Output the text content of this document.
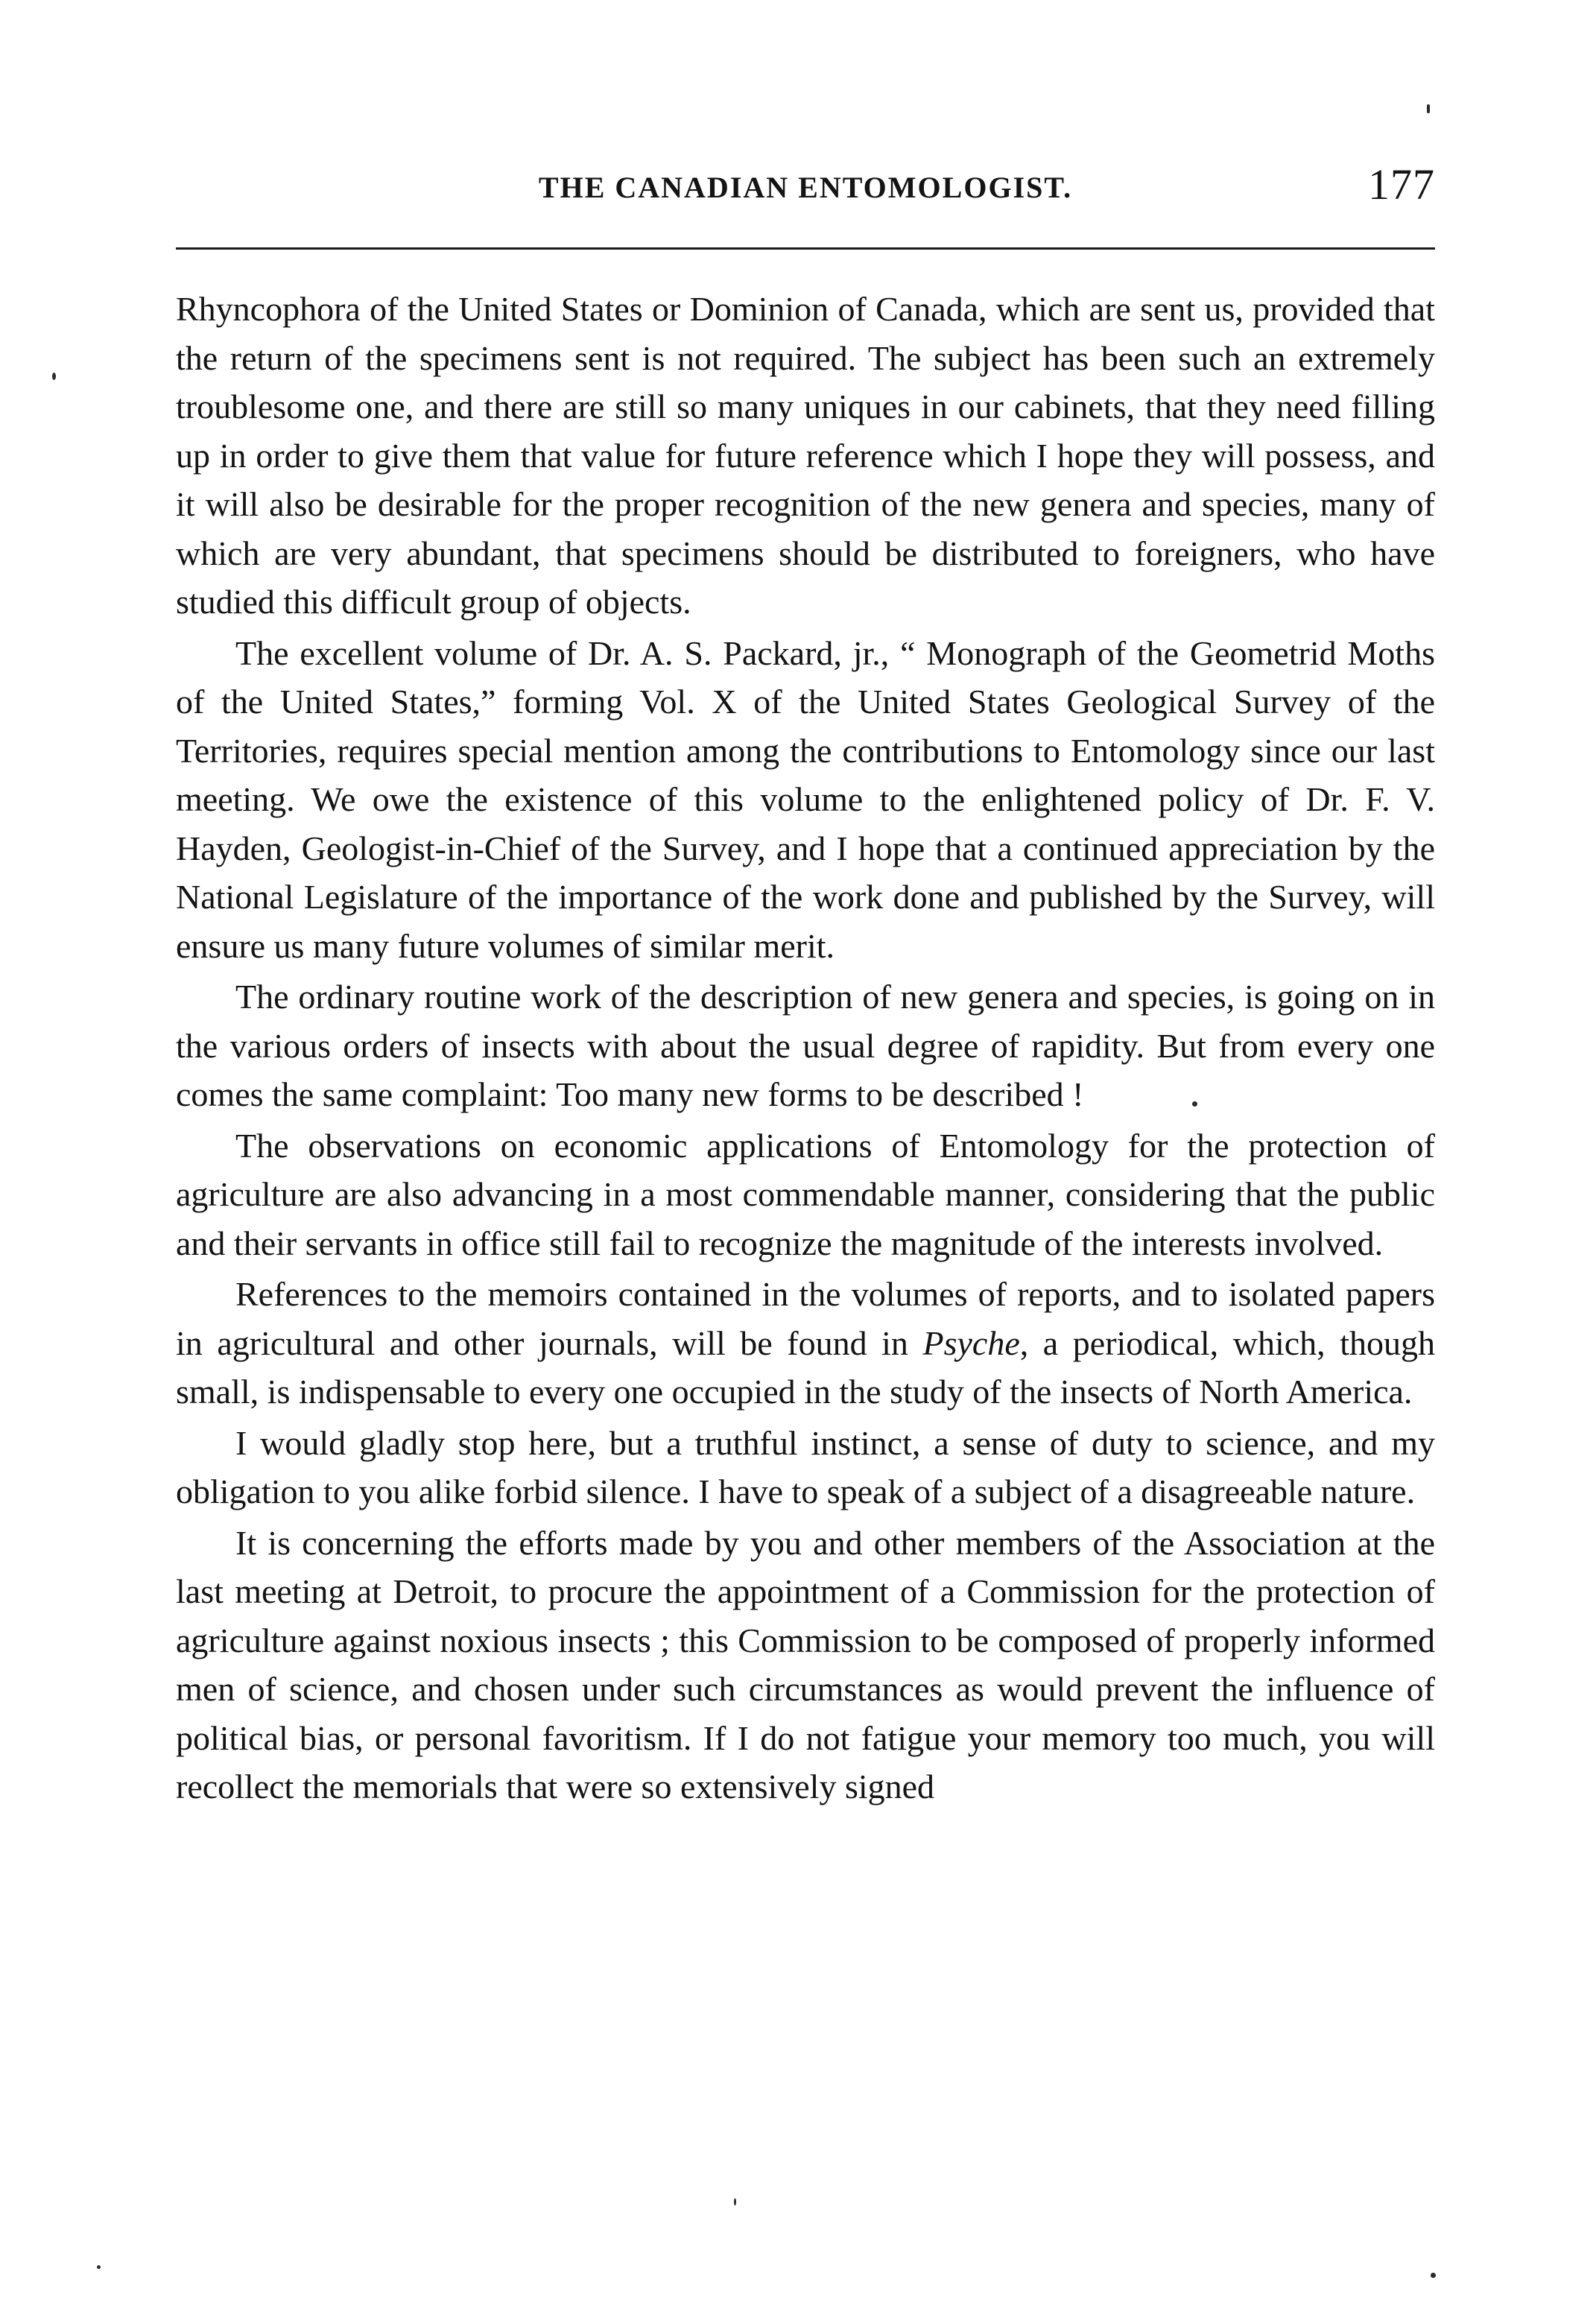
THE CANADIAN ENTOMOLOGIST.	177

Rhyncophora of the United States or Dominion of Canada, which are sent us, provided that the return of the specimens sent is not required. The subject has been such an extremely troublesome one, and there are still so many uniques in our cabinets, that they need filling up in order to give them that value for future reference which I hope they will possess, and it will also be desirable for the proper recognition of the new genera and species, many of which are very abundant, that specimens should be distributed to foreigners, who have studied this difficult group of objects.

The excellent volume of Dr. A. S. Packard, jr., “ Monograph of the Geometrid Moths of the United States,” forming Vol. X of the United States Geological Survey of the Territories, requires special mention among the contributions to Entomology since our last meeting. We owe the existence of this volume to the enlightened policy of Dr. F. V. Hayden, Geologist-in-Chief of the Survey, and I hope that a continued appreciation by the National Legislature of the importance of the work done and published by the Survey, will ensure us many future volumes of similar merit.

The ordinary routine work of the description of new genera and species, is going on in the various orders of insects with about the usual degree of rapidity. But from every one comes the same complaint: Too many new forms to be described !

The observations on economic applications of Entomology for the protection of agriculture are also advancing in a most commendable manner, considering that the public and their servants in office still fail to recognize the magnitude of the interests involved.

References to the memoirs contained in the volumes of reports, and to isolated papers in agricultural and other journals, will be found in Psyche, a periodical, which, though small, is indispensable to every one occupied in the study of the insects of North America.

I would gladly stop here, but a truthful instinct, a sense of duty to science, and my obligation to you alike forbid silence. I have to speak of a subject of a disagreeable nature.

It is concerning the efforts made by you and other members of the Association at the last meeting at Detroit, to procure the appointment of a Commission for the protection of agriculture against noxious insects ; this Commission to be composed of properly informed men of science, and chosen under such circumstances as would prevent the influence of political bias, or personal favoritism. If I do not fatigue your memory too much, you will recollect the memorials that were so extensively signed
